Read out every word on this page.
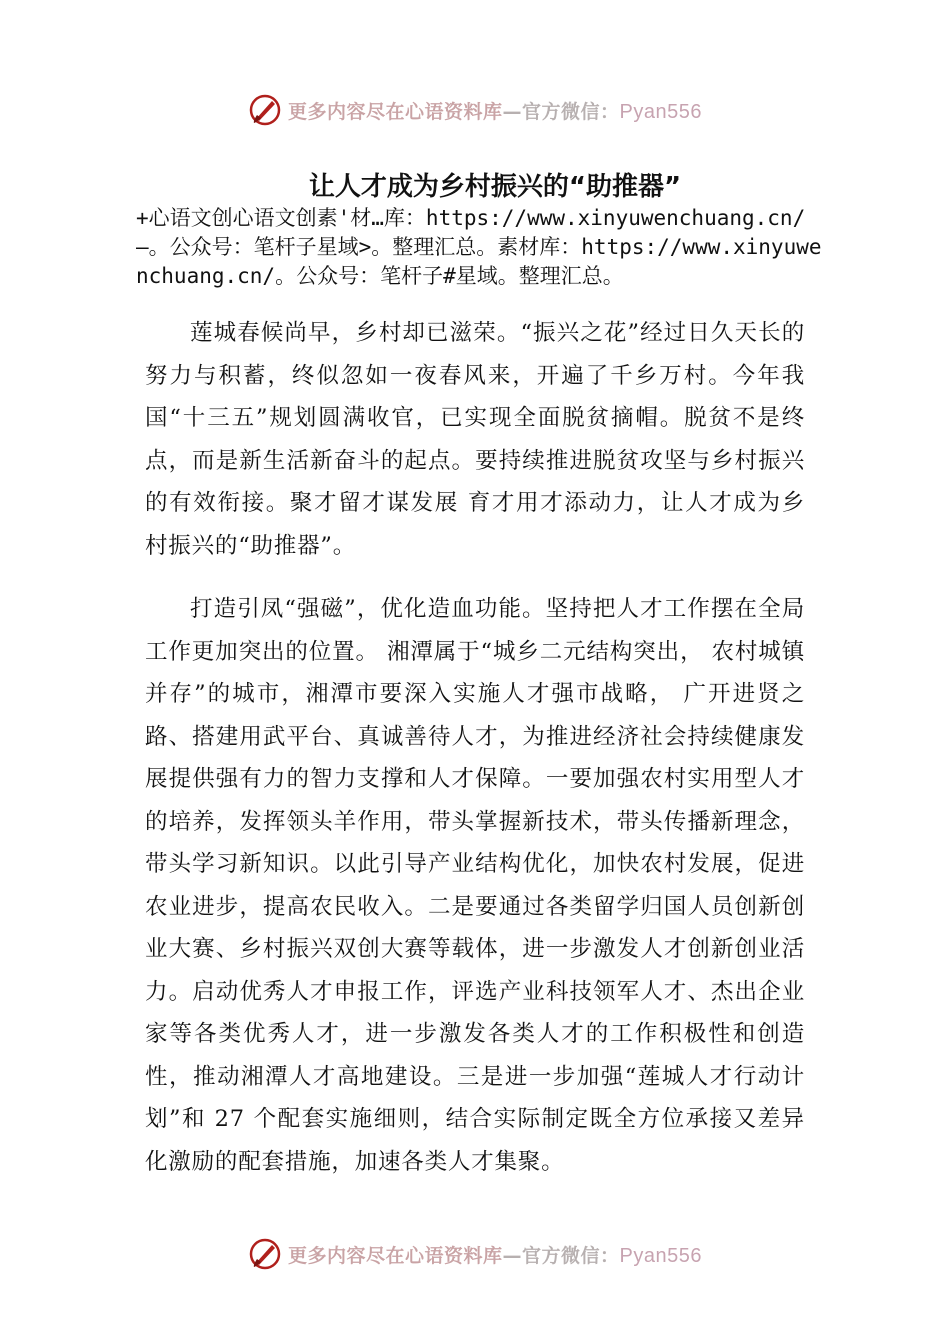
更多内容尽在心语资料库—官方微信：Pyan556
让人才成为乡村振兴的“助推器”
+心语文创心语文创素'材…库：https://www.xinyuwenchuang.cn/—。公众号：笔杆子星域>。整理汇总。素材库：https://www.xinyuwenchuang.cn/。公众号：笔杆子#星域。整理汇总。

莲城春候尚早，乡村却已滋荣。“振兴之花”经过日久天长的努力与积蓄，终似忽如一夜春风来，开遍了千乡万村。今年我国“十三五”规划圆满收官，已实现全面脱贫摘帽。脱贫不是终点，而是新生活新奋斗的起点。要持续推进脱贫攻坚与乡村振兴的有效衔接。聚才留才谋发展 育才用才添动力，让人才成为乡村振兴的“助推器”。

打造引凤“强磁”，优化造血功能。坚持把人才工作摆在全局工作更加突出的位置。 湘潭属于“城乡二元结构突出， 农村城镇并存”的城市，湘潭市要深入实施人才强市战略， 广开进贤之路、搭建用武平台、真诚善待人才，为推进经济社会持续健康发展提供强有力的智力支撑和人才保障。一要加强农村实用型人才的培养，发挥领头羊作用，带头掌握新技术，带头传播新理念，带头学习新知识。以此引导产业结构优化，加快农村发展，促进农业进步，提高农民收入。二是要通过各类留学归国人员创新创业大赛、乡村振兴双创大赛等载体，进一步激发人才创新创业活力。启动优秀人才申报工作，评选产业科技领军人才、杰出企业家等各类优秀人才，进一步激发各类人才的工作积极性和创造性，推动湘潭人才高地建设。三是进一步加强“莲城人才行动计划”和 27 个配套实施细则，结合实际制定既全方位承接又差异化激励的配套措施，加速各类人才集聚。

更多内容尽在心语资料库—官方微信：Pyan556
